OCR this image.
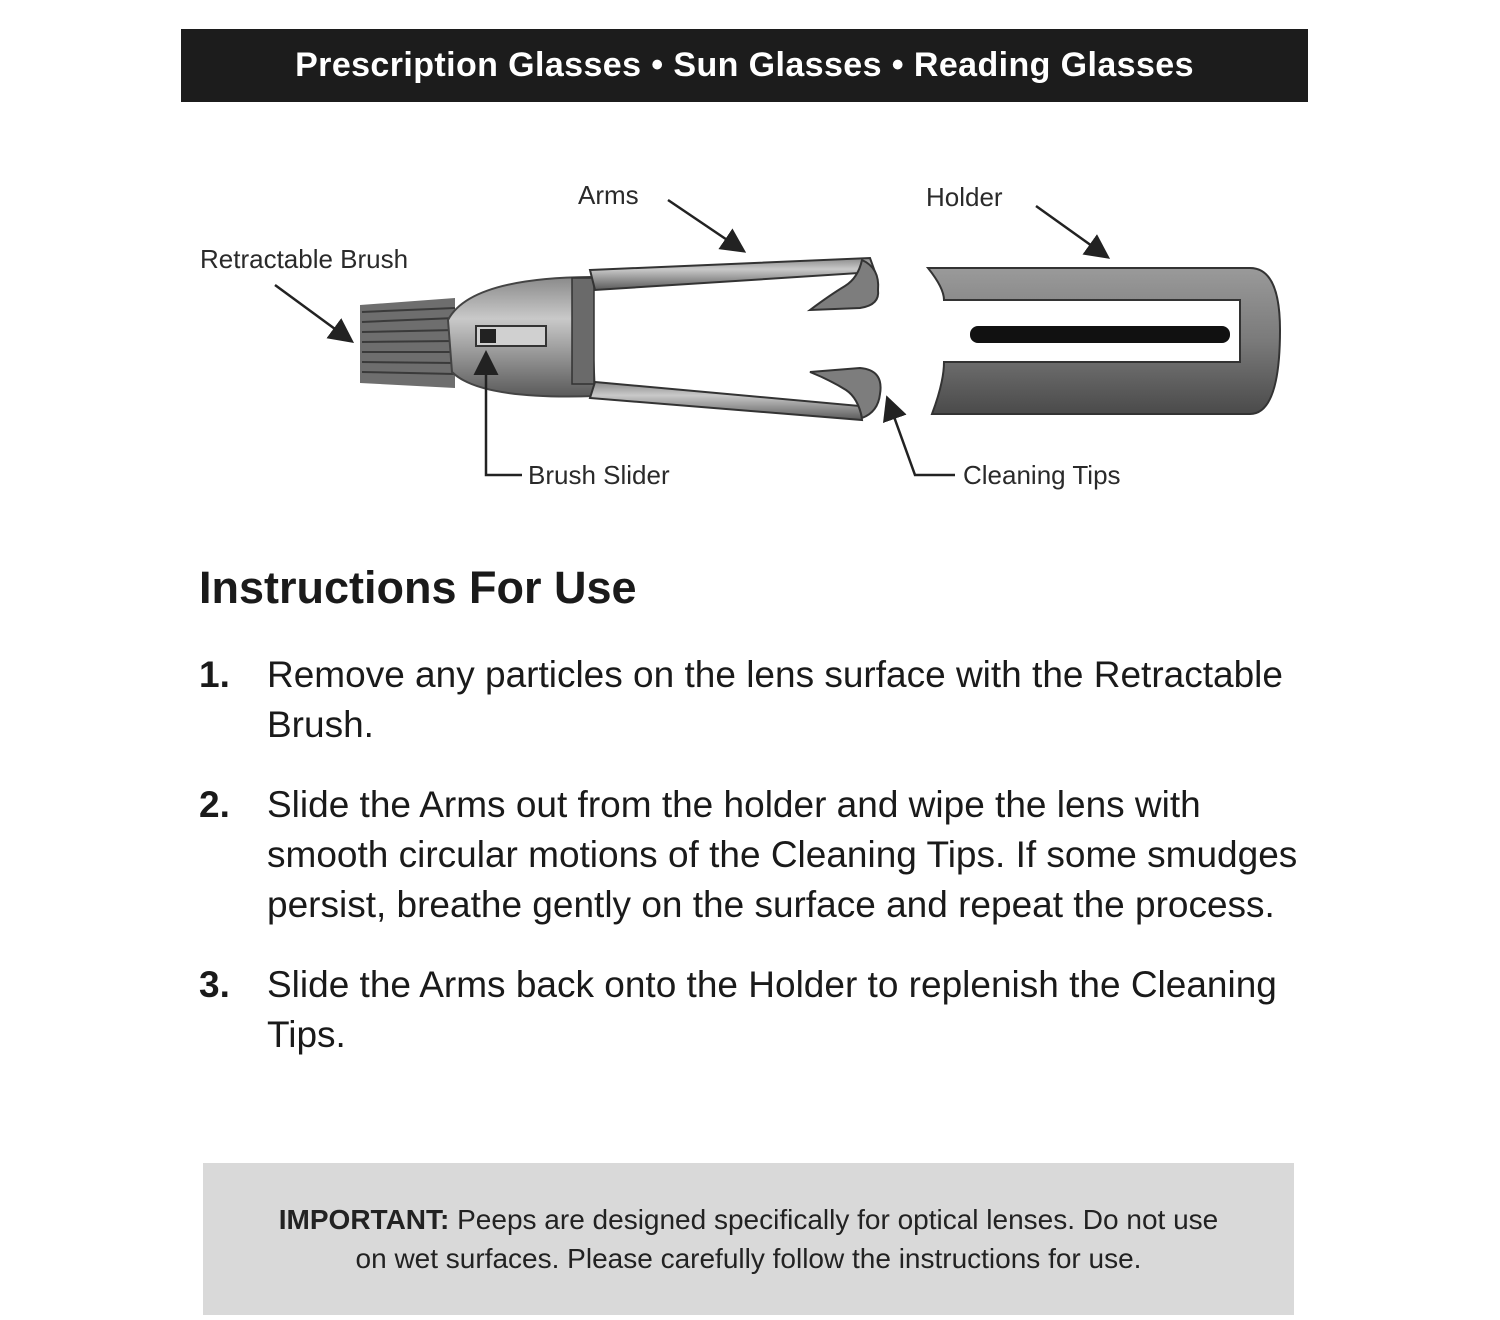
Prescription Glasses • Sun Glasses • Reading Glasses
Arms	Holder
Retractable Brush
Brush Slider	Cleaning Tips
Instructions For Use
1.	Remove any particles on the lens surface with the Retractable Brush.
2.	Slide the Arms out from the holder and wipe the lens with smooth circular motions of the Cleaning Tips. If some smudges persist, breathe gently on the surface and repeat the process.
3.	Slide the Arms back onto the Holder to replenish the Cleaning Tips.
IMPORTANT: Peeps are designed specifically for optical lenses. Do not use on wet surfaces. Please carefully follow the instructions for use.
